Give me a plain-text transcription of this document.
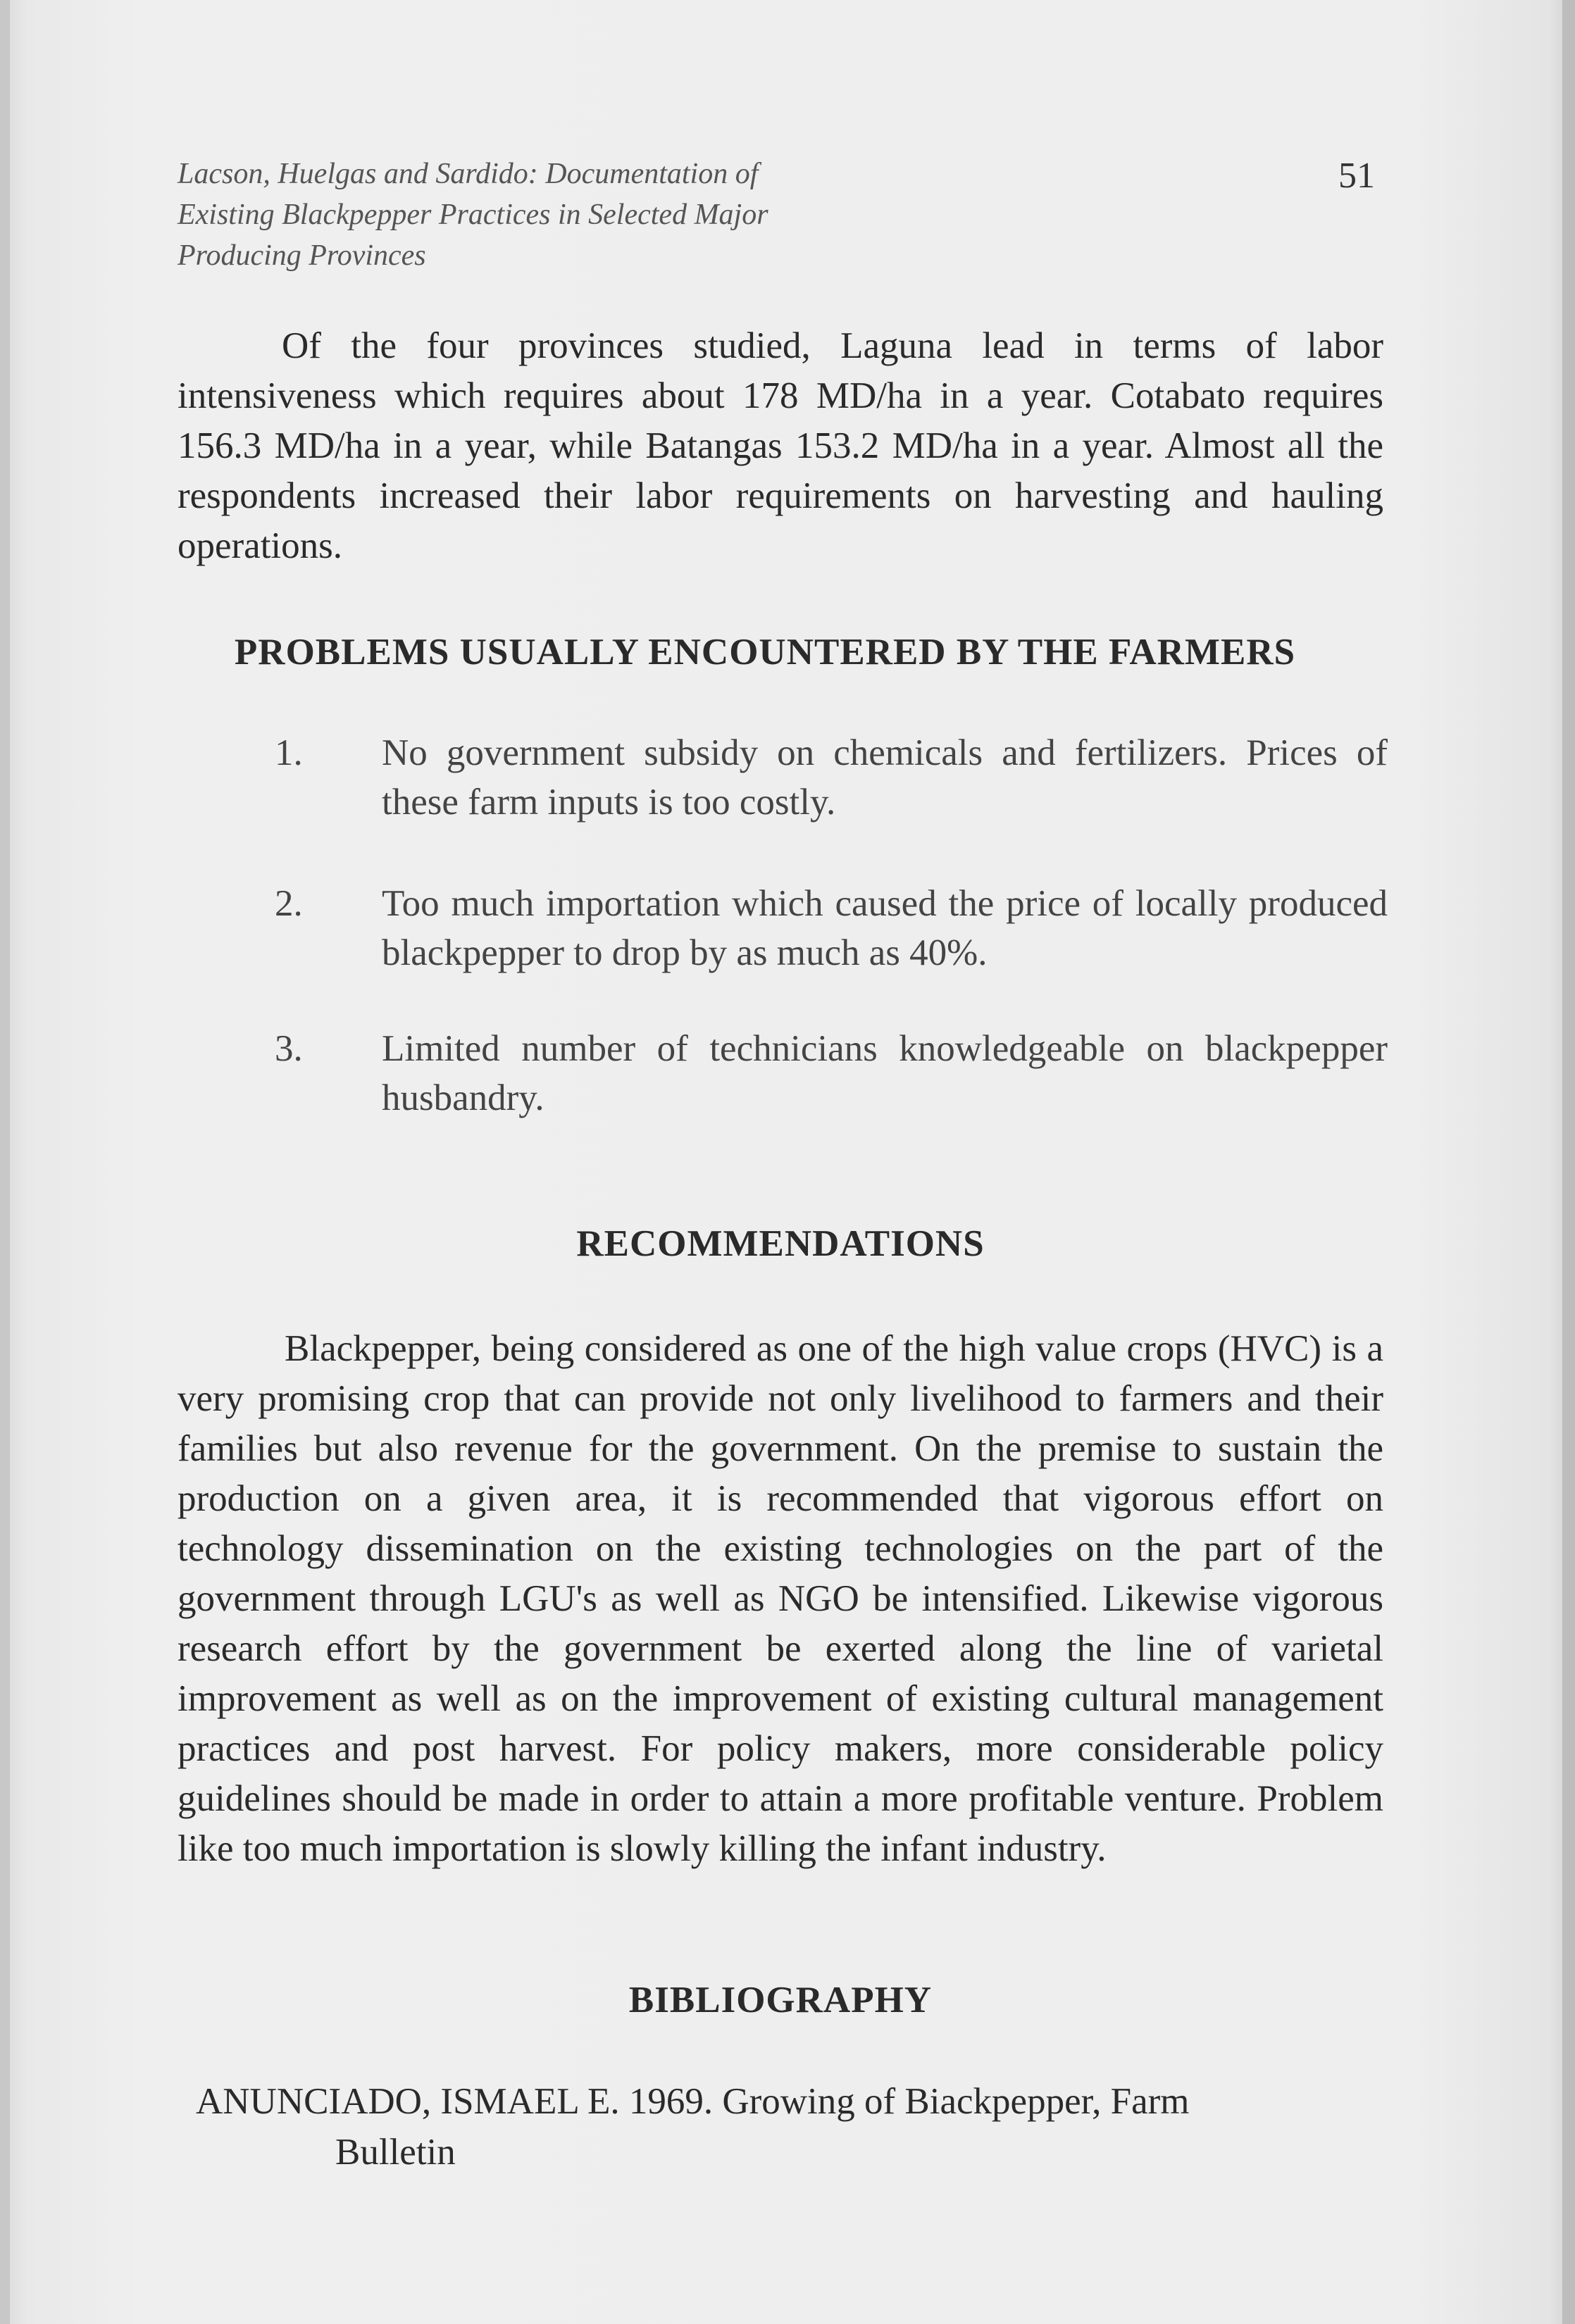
Lacson, Huelgas and Sardido: Documentation of
Existing Blackpepper Practices in Selected Major
Producing Provinces
51
Of the four provinces studied, Laguna lead in terms of labor intensiveness which requires about 178 MD/ha in a year. Cotabato requires 156.3 MD/ha in a year, while Batangas 153.2 MD/ha in a year. Almost all the respondents increased their labor requirements on harvesting and hauling operations.
PROBLEMS USUALLY ENCOUNTERED BY THE FARMERS
1.	No government subsidy on chemicals and fertilizers. Prices of these farm inputs is too costly.
2.	Too much importation which caused the price of locally produced blackpepper to drop by as much as 40%.
3.	Limited number of technicians knowledgeable on blackpepper husbandry.
RECOMMENDATIONS
Blackpepper, being considered as one of the high value crops (HVC) is a very promising crop that can provide not only livelihood to farmers and their families but also revenue for the government. On the premise to sustain the production on a given area, it is recommended that vigorous effort on technology dissemination on the existing technologies on the part of the government through LGU's as well as NGO be intensified. Likewise vigorous research effort by the government be exerted along the line of varietal improvement as well as on the improvement of existing cultural management practices and post harvest. For policy makers, more considerable policy guidelines should be made in order to attain a more profitable venture. Problem like too much importation is slowly killing the infant industry.
BIBLIOGRAPHY
ANUNCIADO, ISMAEL E. 1969. Growing of Biackpepper, Farm
Bulletin
